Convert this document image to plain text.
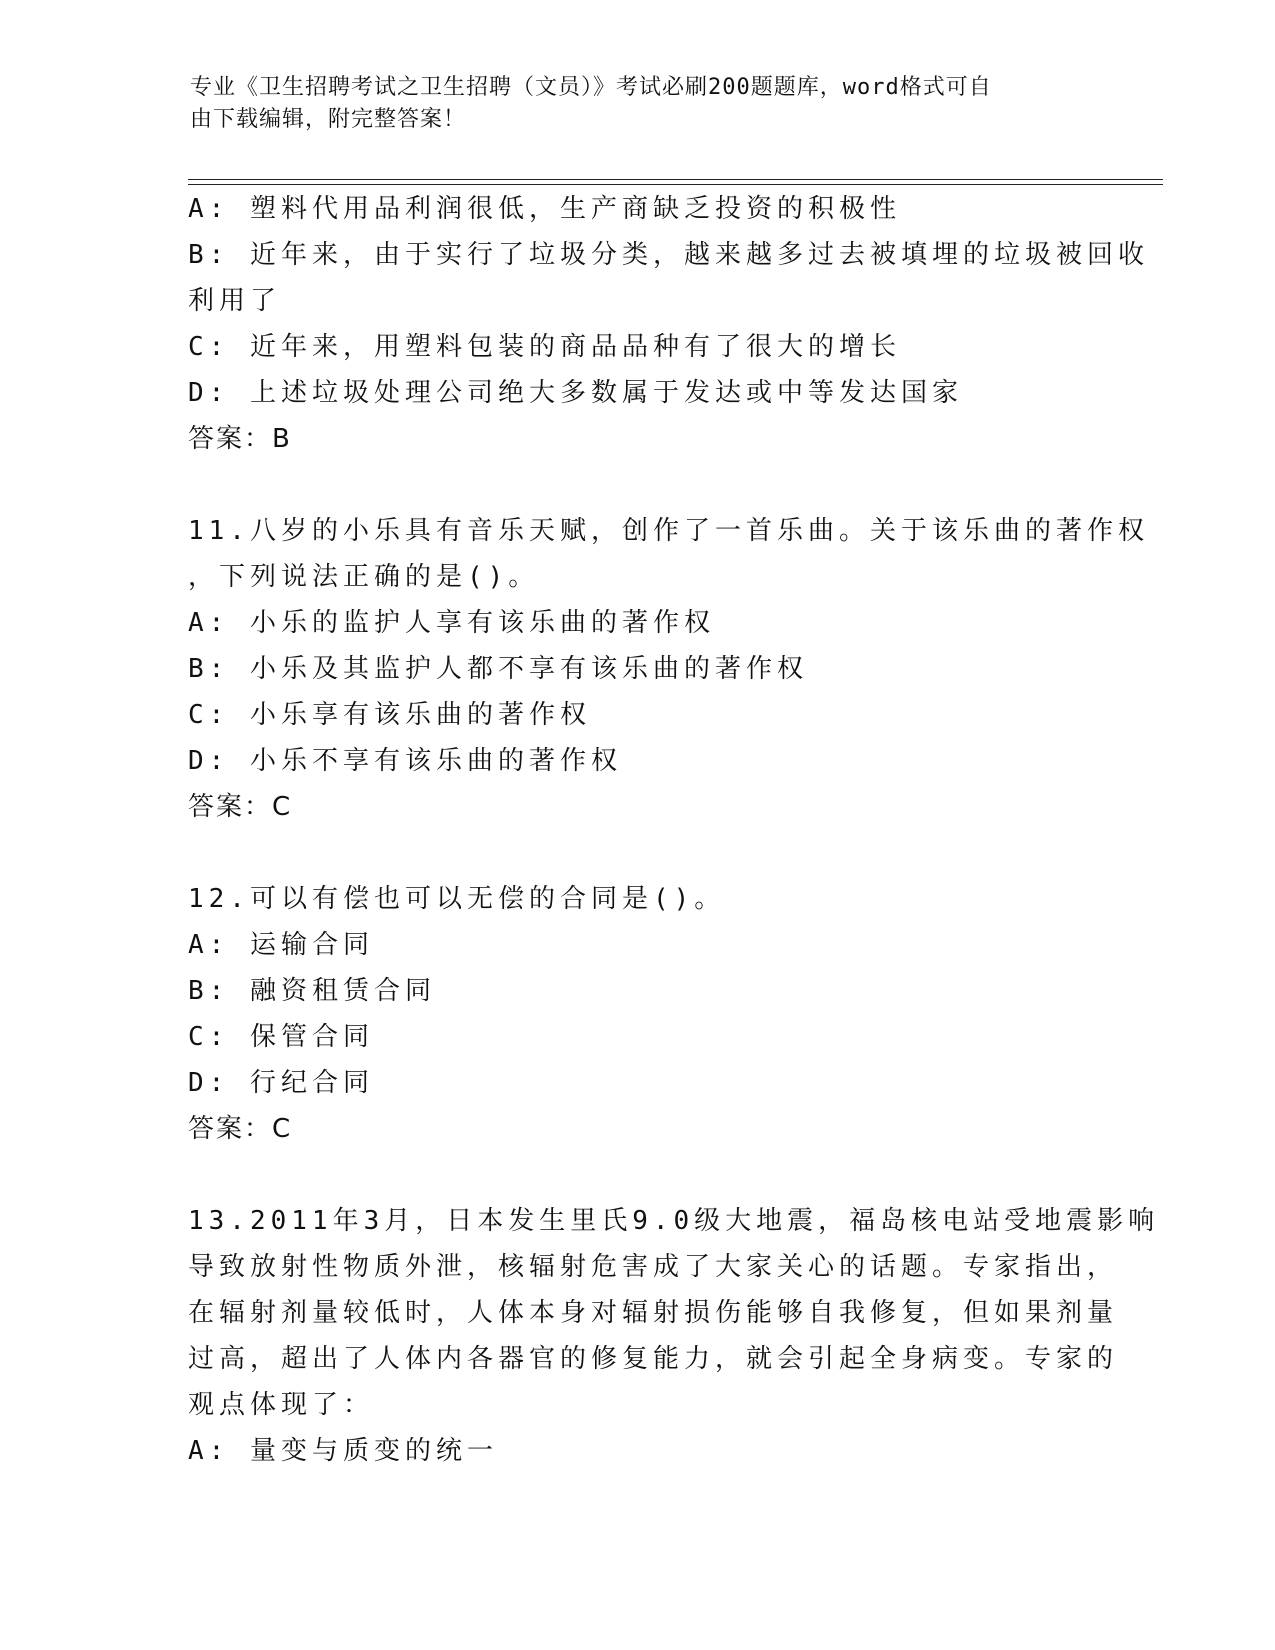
专业《卫生招聘考试之卫生招聘（文员）》考试必刷200题题库，word格式可自
由下载编辑，附完整答案！
A: 塑料代用品利润很低，生产商缺乏投资的积极性
B: 近年来，由于实行了垃圾分类，越来越多过去被填埋的垃圾被回收
利用了
C: 近年来，用塑料包装的商品品种有了很大的增长
D: 上述垃圾处理公司绝大多数属于发达或中等发达国家
答案：B
11.八岁的小乐具有音乐天赋，创作了一首乐曲。关于该乐曲的著作权
，下列说法正确的是()。
A: 小乐的监护人享有该乐曲的著作权
B: 小乐及其监护人都不享有该乐曲的著作权
C: 小乐享有该乐曲的著作权
D: 小乐不享有该乐曲的著作权
答案：C
12.可以有偿也可以无偿的合同是()。
A: 运输合同
B: 融资租赁合同
C: 保管合同
D: 行纪合同
答案：C
13.2011年3月，日本发生里氏9.0级大地震，福岛核电站受地震影响
导致放射性物质外泄，核辐射危害成了大家关心的话题。专家指出，
在辐射剂量较低时，人体本身对辐射损伤能够自我修复，但如果剂量
过高，超出了人体内各器官的修复能力，就会引起全身病变。专家的
观点体现了：
A: 量变与质变的统一
